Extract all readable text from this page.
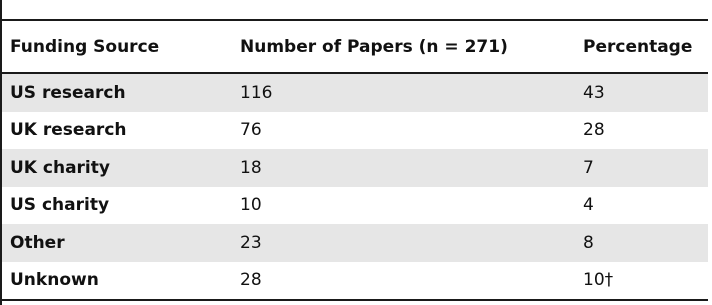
Funding Source	Number of Papers (n = 271)	Percentage
US research	116	43
UK research	76	28
UK charity	18	7
US charity	10	4
Other	23	8
Unknown	28	10†
